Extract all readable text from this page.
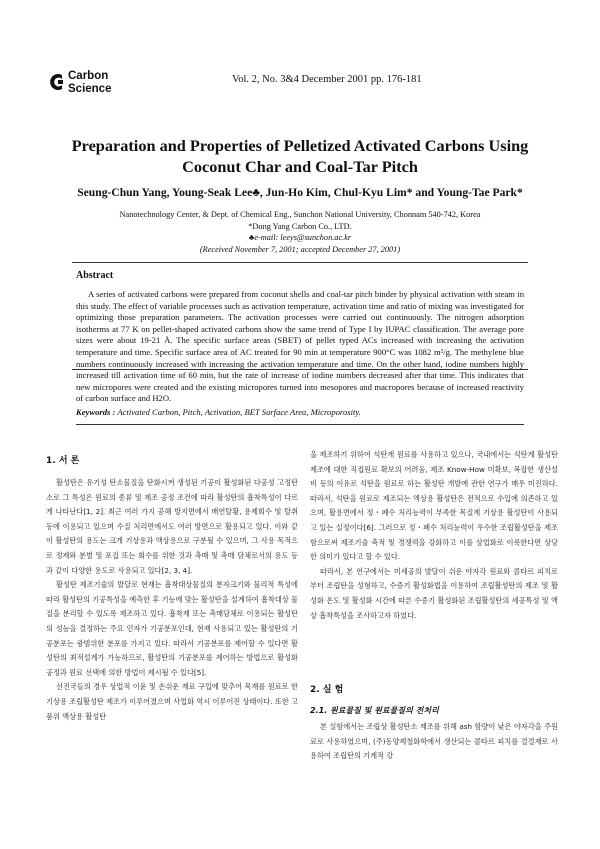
Carbon
Science
Vol. 2, No. 3&4 December 2001 pp. 176-181
Preparation and Properties of Pelletized Activated Carbons Using
Coconut Char and Coal-Tar Pitch
Seung-Chun Yang, Young-Seak Lee♣, Jun-Ho Kim, Chul-Kyu Lim* and Young-Tae Park*
Nanotechnology Center, & Dept. of Chemical Eng., Sunchon National University, Chonnam 540-742, Korea
*Dong Yang Carbon Co., LTD.
♣e-mail: leeys@sunchon.ac.kr
(Received November 7, 2001; accepted December 27, 2001)
Abstract
A series of activated carbons were prepared from coconut shells and coal-tar pitch binder by physical activation with steam in this study. The effect of variable processes such as activation temperature, activation time and ratio of mixing was investigated for optimizing those preparation parameters. The activation processes were carried out continuously. The nitrogen adsorption isotherms at 77 K on pellet-shaped activated carbons show the same trend of Type I by IUPAC classification. The average pore sizes were about 19-21 Å. The specific surface areas (SBET) of pellet typed ACs increased with increasing the activation temperature and time. Specific surface area of AC treated for 90 min at temperature 900°C was 1082 m²/g. The methylene blue numbers continuously increased with increasing the activation temperature and time. On the other hand, iodine numbers highly increased till activation time of 60 min, but the rate of increase of iodine numbers decreased after that time. This indicates that new micropores were created and the existing micropores turned into mesopores and macropores because of increased reactivity of carbon surface and H2O.
Keywords : Activated Carbon, Pitch, Activation, BET Surface Area, Microporosity.
1. 서 론

활성탄은 유기성 탄소물질을 탄화시켜 생성된 기공이 활성화된 다공성 고정탄소로 그 특성은 원료의 종류 및 제조 공정 조건에 따라 활성탄의 흡착특성이 다르게 나타난다[1, 2]. 최근 여러 가지 공해 방지면에서 배연탈황, 용제회수 및 탈취 등에 이용되고 있으며 수질 처리면에서도 여러 방면으로 활용되고 있다. 이와 같이 활성탄의 용도는 크게 기상용과 액상용으로 구분될 수 있으며, 그 사용 목적으로 정제와 분별 및 포집 또는 회수를 위한 것과 촉매 및 촉매 담체로서의 용도 등과 같이 다양한 용도로 사용되고 있다[2, 3, 4].

활성탄 제조기술의 발달로 현재는 흡착대상물질의 분자크기와 물리적 특성에 따라 활성탄의 기공특성을 예측한 후 기능에 맞는 활성탄을 설계하여 흡착대상 물질을 분리할 수 있도록 제조하고 있다. 흡착제 또는 촉매담체로 이용되는 활성탄의 성능을 결정하는 주요 인자가 기공분포인데, 현재 사용되고 있는 활성탄의 기공분포는 광범위한 분포를 가지고 있다. 따라서 기공분포를 제어할 수 있다면 활성탄의 최적설계가 가능하므로, 활성탄의 기공분포를 제어하는 방법으로 활성화 공정과 원료 선택에 의한 방법이 제시될 수 있다[5].

선진국들의 경우 상업적 이윤 및 손쉬운 재료 구입에 맞추어 목재를 원료로 한 기상용 조립활성탄 제조가 이루어졌으며 사업화 역시 이루어진 상태이다. 또한 고품위 액상용 활성탄

을 제조하기 위하여 석탄계 원료를 사용하고 있으나, 국내에서는 석탄계 활성탄 제조에 대한 직접원료 확보의 어려움, 제조 Know-How 미확보, 복잡한 생산설비 등의 이유로 석탄을 원료로 하는 활성탄 개발에 관한 연구가 매우 미진하다. 따라서, 석탄을 원료로 제조되는 액상용 활성탄은 전적으로 수입에 의존하고 있으며, 활용면에서 정・폐수 처리능력이 부족한 목질계 기상용 활성탄이 사용되고 있는 실정이다[6]. 그러므로 정・폐수 처리능력이 우수한 조립활성탄을 제조함으로써 제조기술 축적 및 경쟁력을 강화하고 이를 상업화로 이룩한다면 상당한 의미가 있다고 할 수 있다.

따라서, 본 연구에서는 미세공의 발달이 쉬운 야자각 원료와 콜타르 피치로부터 조립탄을 성형하고, 수증기 활성화법을 이용하여 조립활성탄의 제조 및 활성화 온도 및 활성화 시간에 따른 수증기 활성화된 조립활성탄의 세공특성 및 액상 흡착특성을 조사하고자 하였다.

2. 실 험
2.1. 원료물질 및 원료물질의 전처리

본 실험에서는 조립상 활성탄소 제조를 위해 ash 함량이 낮은 야자각을 주원료로 사용하였으며, (주)동양제철화학에서 생산되는 콜타르 피치를 결결재로 사용하여 조립탄의 기계적 강
